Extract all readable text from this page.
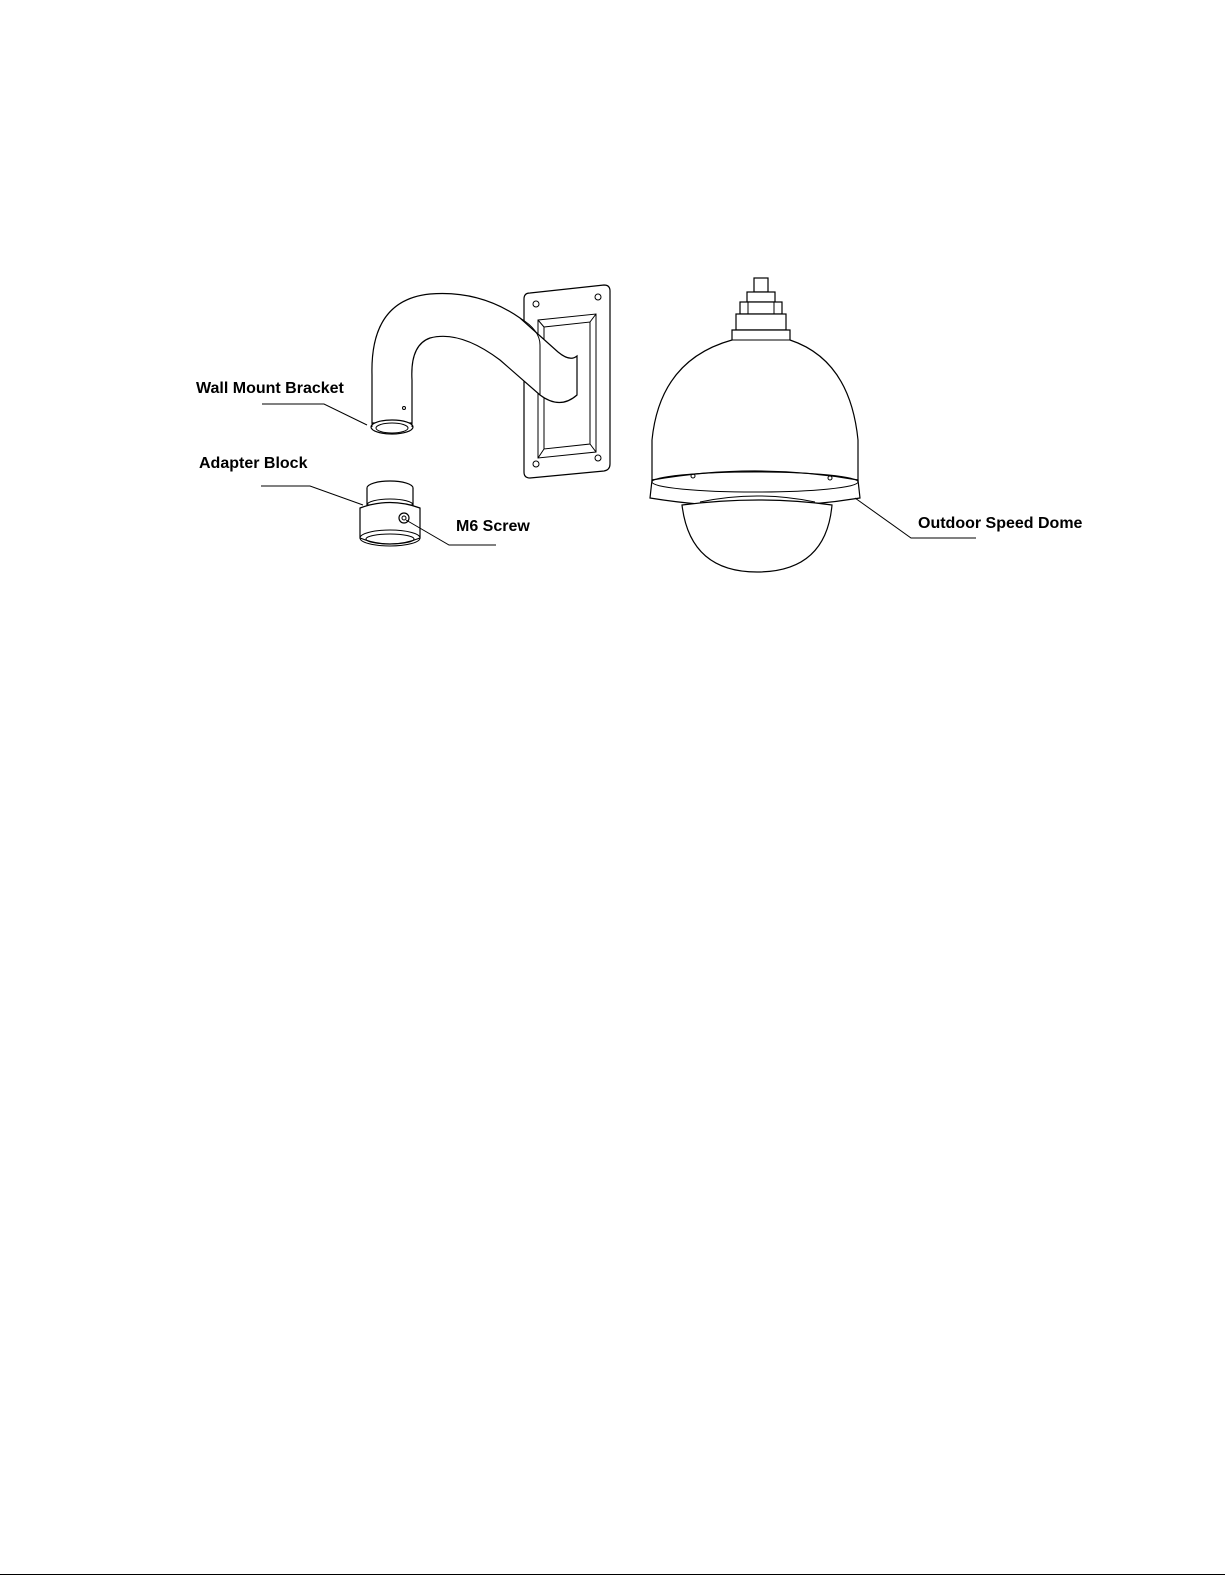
Wall Mount Bracket
Adapter Block
M6 Screw	Outdoor Speed Dome
